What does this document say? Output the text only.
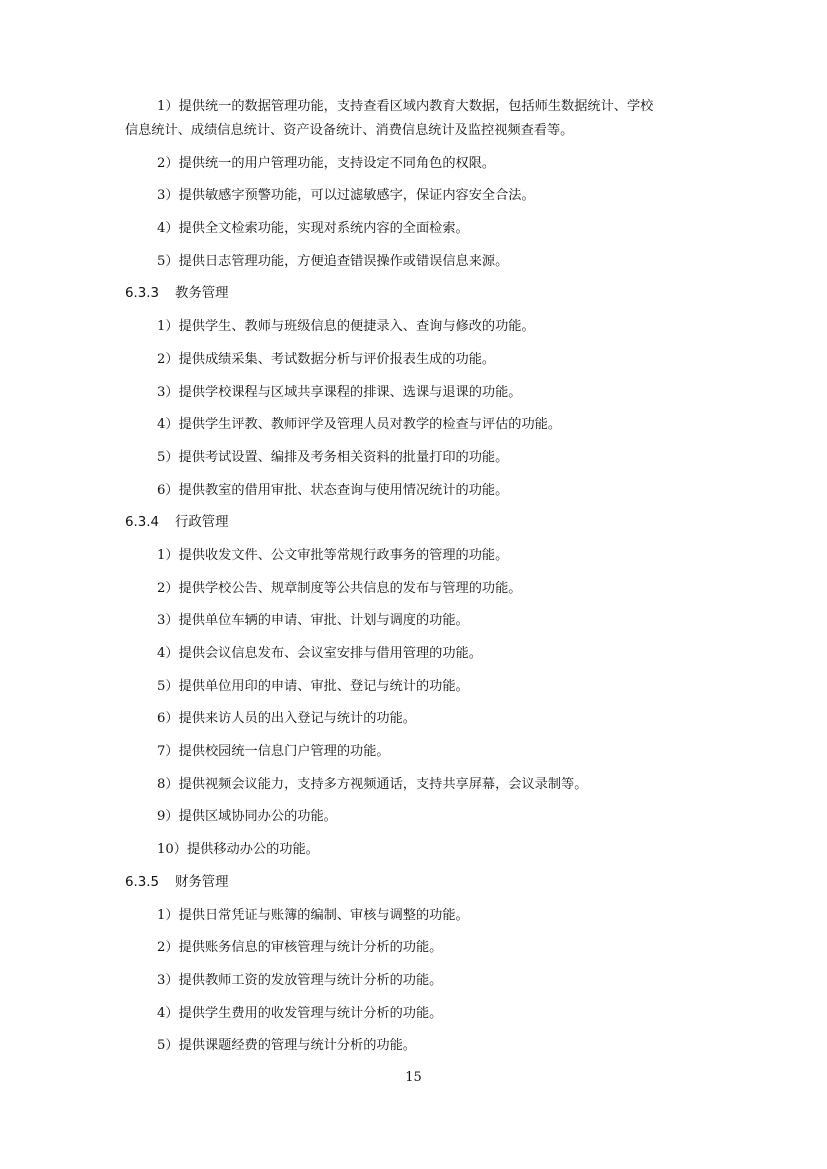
1）提供统一的数据管理功能，支持查看区域内教育大数据，包括师生数据统计、学校
信息统计、成绩信息统计、资产设备统计、消费信息统计及监控视频查看等。

2）提供统一的用户管理功能，支持设定不同角色的权限。

3）提供敏感字预警功能，可以过滤敏感字，保证内容安全合法。

4）提供全文检索功能，实现对系统内容的全面检索。

5）提供日志管理功能，方便追查错误操作或错误信息来源。

6.3.3 教务管理

1）提供学生、教师与班级信息的便捷录入、查询与修改的功能。

2）提供成绩采集、考试数据分析与评价报表生成的功能。

3）提供学校课程与区域共享课程的排课、选课与退课的功能。

4）提供学生评教、教师评学及管理人员对教学的检查与评估的功能。

5）提供考试设置、编排及考务相关资料的批量打印的功能。

6）提供教室的借用审批、状态查询与使用情况统计的功能。

6.3.4 行政管理

1）提供收发文件、公文审批等常规行政事务的管理的功能。

2）提供学校公告、规章制度等公共信息的发布与管理的功能。

3）提供单位车辆的申请、审批、计划与调度的功能。

4）提供会议信息发布、会议室安排与借用管理的功能。

5）提供单位用印的申请、审批、登记与统计的功能。

6）提供来访人员的出入登记与统计的功能。

7）提供校园统一信息门户管理的功能。

8）提供视频会议能力，支持多方视频通话，支持共享屏幕，会议录制等。

9）提供区域协同办公的功能。

10）提供移动办公的功能。

6.3.5 财务管理

1）提供日常凭证与账簿的编制、审核与调整的功能。

2）提供账务信息的审核管理与统计分析的功能。

3）提供教师工资的发放管理与统计分析的功能。

4）提供学生费用的收发管理与统计分析的功能。

5）提供课题经费的管理与统计分析的功能。

15
